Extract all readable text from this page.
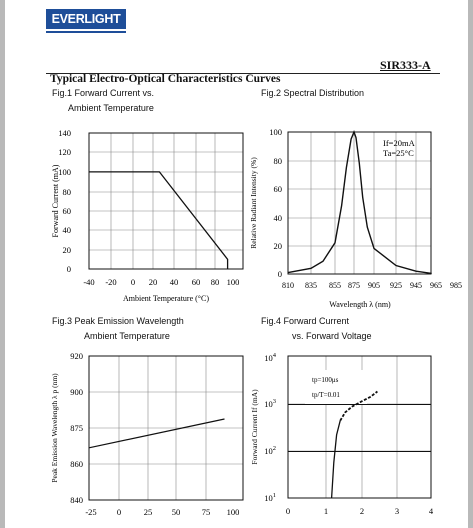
EVERLIGHT
SIR333-A
Typical Electro-Optical Characteristics Curves
Fig.1 Forward Current vs.
Ambient Temperature
Fig.2 Spectral Distribution
Fig.3 Peak Emission Wavelength
Ambient Temperature
Fig.4 Forward Current
vs. Forward Voltage
0
20
40
60
80
100
120
140
-40 -20 0 20 40 60 80 100
Ambient Temperature (°C)
Forward Current (mA)
0
20
40
60
80
100
810 835 855 875 905 925 945 965 985
Wavelength λ (nm)
Relative Radiant Intensity (%)
If=20mA
Ta=25°C
840
860
875
900
920
-25 0	25 50	75 100
Peak Emission Wavelength λ p (nm)
$10^1$
$10^2$
$10^3$
$10^4$
0	1	2	3	4
Forward Current If (mA)
tp=100μs
tp/T=0.01
